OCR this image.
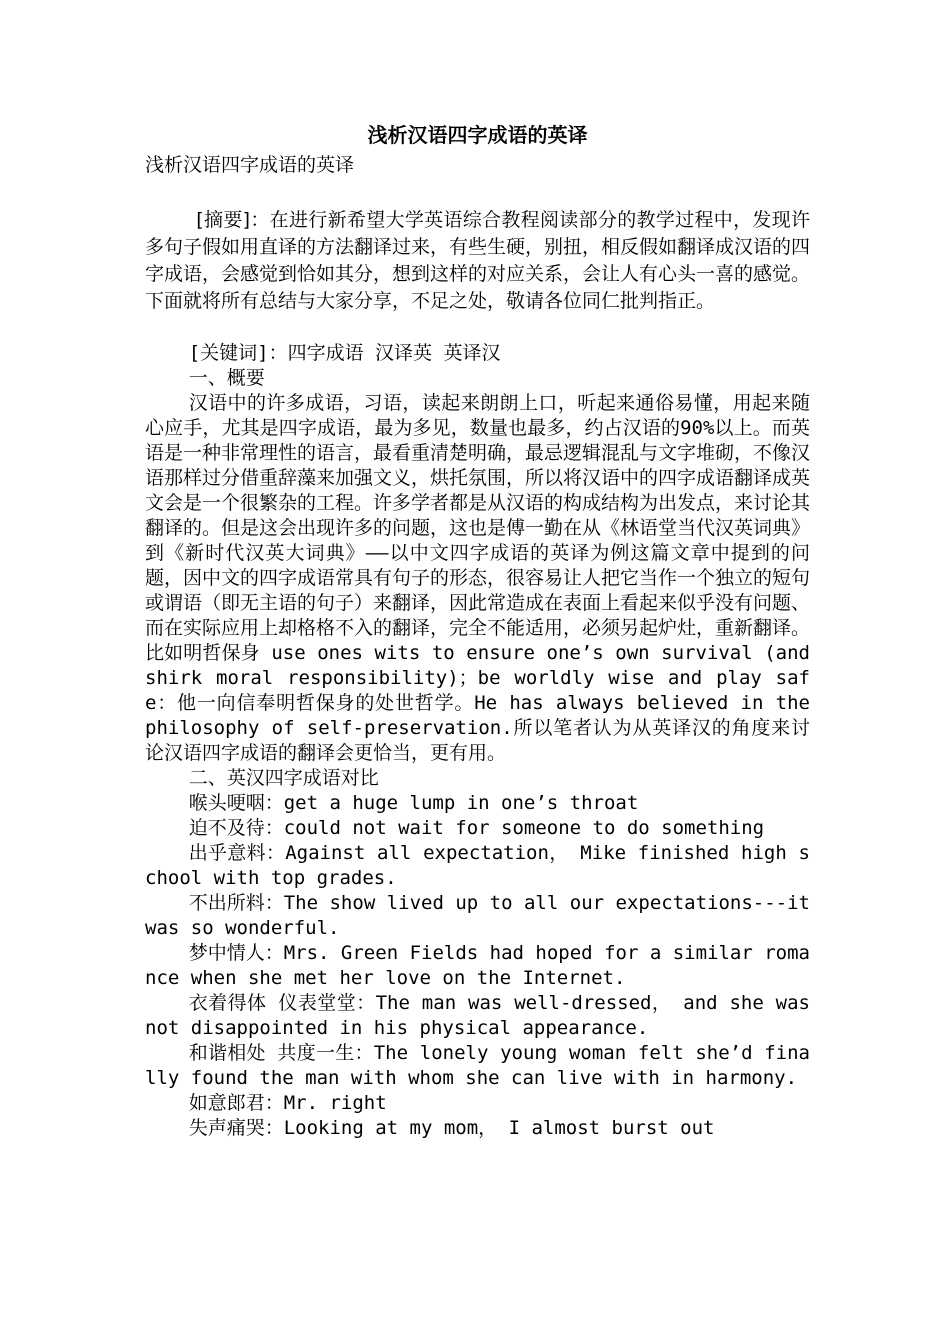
浅析汉语四字成语的英译
浅析汉语四字成语的英译

[摘要]：在进行新希望大学英语综合教程阅读部分的教学过程中，发现许多句子假如用直译的方法翻译过来，有些生硬，别扭，相反假如翻译成汉语的四字成语，会感觉到恰如其分，想到这样的对应关系，会让人有心头一喜的感觉。下面就将所有总结与大家分享，不足之处，敬请各位同仁批判指正。

[关键词]：四字成语 汉译英 英译汉

一、概要

汉语中的许多成语，习语，读起来朗朗上口，听起来通俗易懂，用起来随心应手，尤其是四字成语，最为多见，数量也最多，约占汉语的90%以上。而英语是一种非常理性的语言，最看重清楚明确，最忌逻辑混乱与文字堆砌，不像汉语那样过分借重辞藻来加强文义，烘托氛围，所以将汉语中的四字成语翻译成英文会是一个很繁杂的工程。许多学者都是从汉语的构成结构为出发点，来讨论其翻译的。但是这会出现许多的问题，这也是傅一勤在从《林语堂当代汉英词典》到《新时代汉英大词典》——以中文四字成语的英译为例这篇文章中提到的问题，因中文的四字成语常具有句子的形态，很容易让人把它当作一个独立的短句或谓语（即无主语的句子）来翻译，因此常造成在表面上看起来似乎没有问题、而在实际应用上却格格不入的翻译，完全不能适用，必须另起炉灶，重新翻译。比如明哲保身 use ones wits to ensure one’s own survival (and shirk moral responsibility)；be worldly wise and play safe：他一向信奉明哲保身的处世哲学。He has always believed in the philosophy of self-preservation.所以笔者认为从英译汉的角度来讨论汉语四字成语的翻译会更恰当，更有用。

二、英汉四字成语对比

喉头哽咽：get a huge lump in one’s throat

迫不及待：could not wait for someone to do something

出乎意料：Against all expectation， Mike finished high school with top grades.

不出所料：The show lived up to all our expectations---it was so wonderful.

梦中情人：Mrs. Green Fields had hoped for a similar romance when she met her love on the Internet.

衣着得体 仪表堂堂：The man was well-dressed， and she was not disappointed in his physical appearance.

和谐相处 共度一生：The lonely young woman felt she’d finally found the man with whom she can live with in harmony.

如意郎君：Mr. right

失声痛哭：Looking at my mom， I almost burst out
